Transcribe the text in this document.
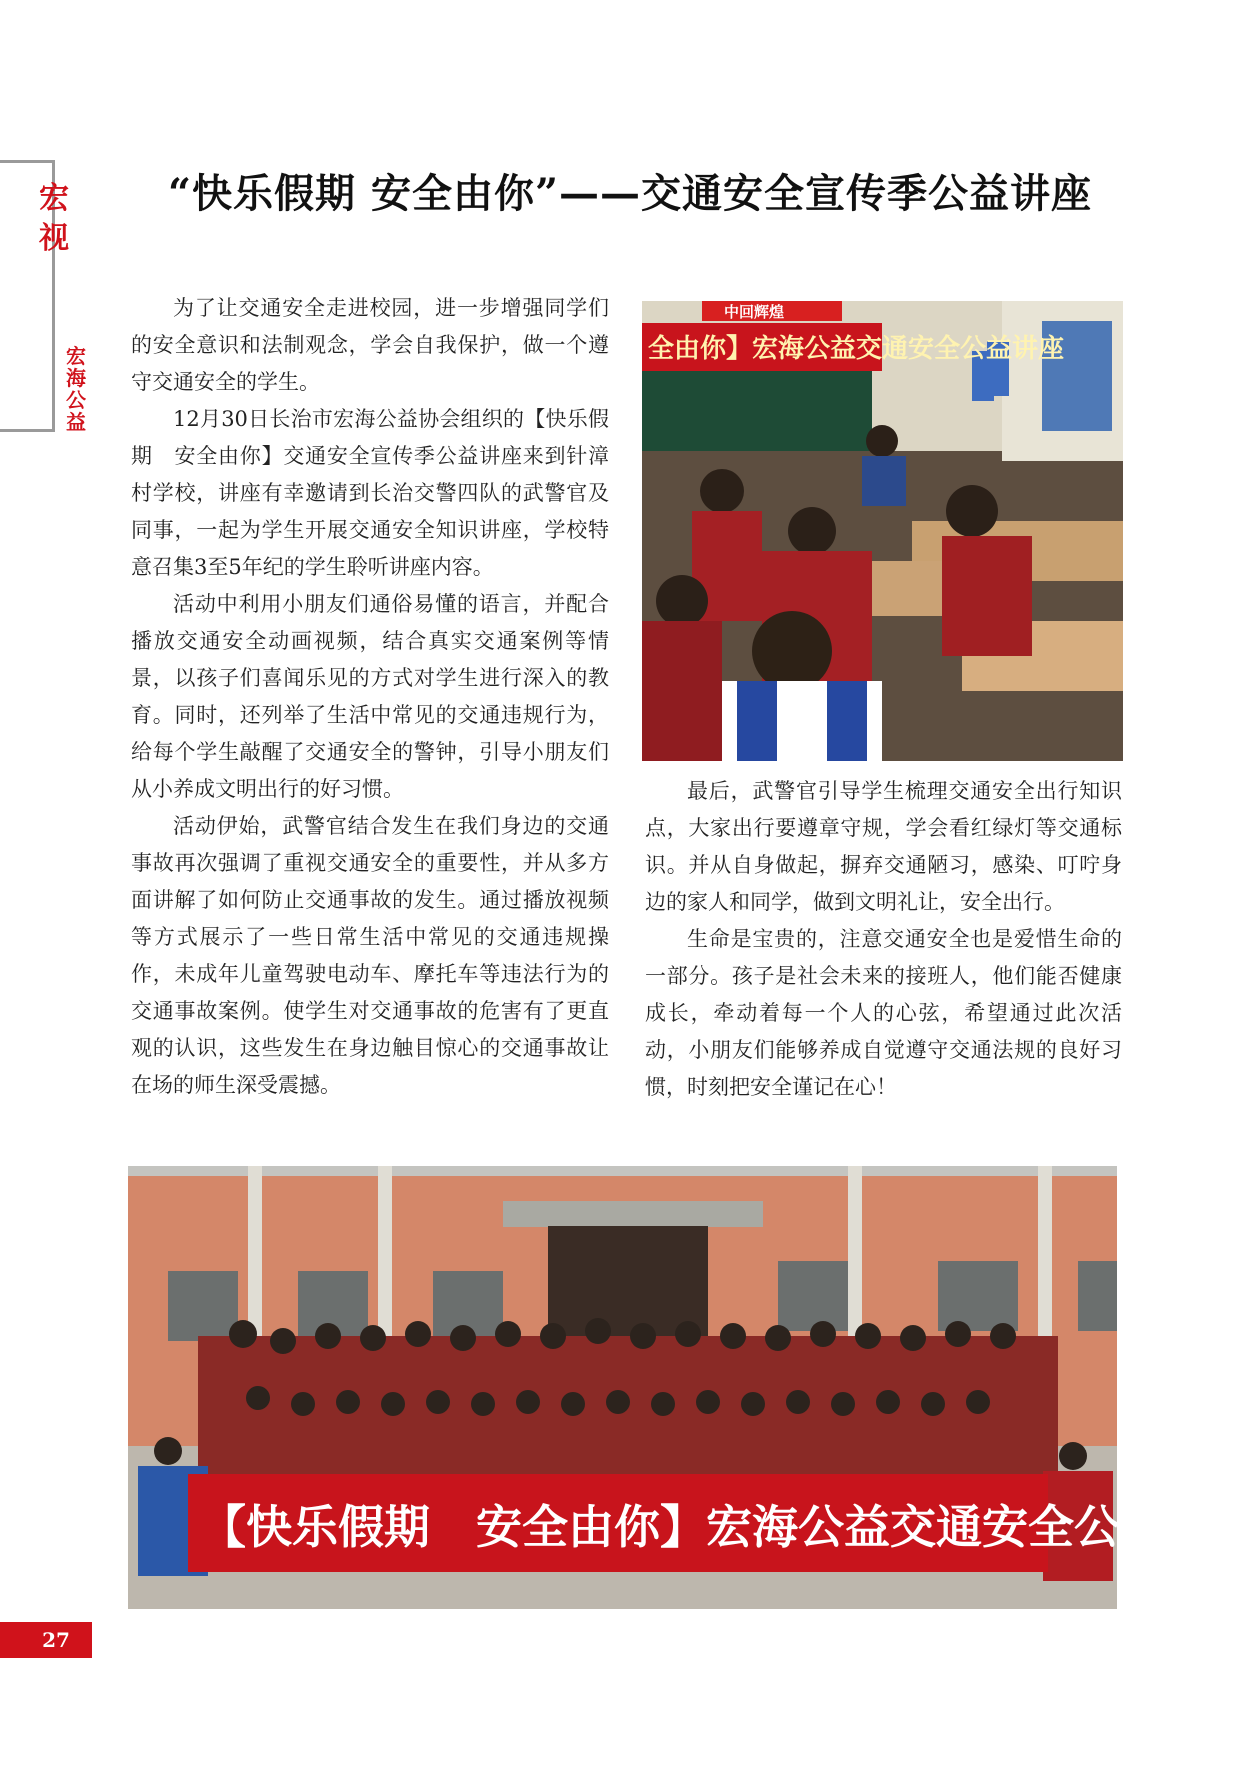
宏
视
宏海公益
“快乐假期 安全由你”——交通安全宣传季公益讲座

为了让交通安全走进校园，进一步增强同学们的安全意识和法制观念，学会自我保护，做一个遵守交通安全的学生。

12月30日长治市宏海公益协会组织的【快乐假期　安全由你】交通安全宣传季公益讲座来到针漳村学校，讲座有幸邀请到长治交警四队的武警官及同事，一起为学生开展交通安全知识讲座，学校特意召集3至5年纪的学生聆听讲座内容。

活动中利用小朋友们通俗易懂的语言，并配合播放交通安全动画视频，结合真实交通案例等情景，以孩子们喜闻乐见的方式对学生进行深入的教育。同时，还列举了生活中常见的交通违规行为，给每个学生敲醒了交通安全的警钟，引导小朋友们从小养成文明出行的好习惯。

活动伊始，武警官结合发生在我们身边的交通事故再次强调了重视交通安全的重要性，并从多方面讲解了如何防止交通事故的发生。通过播放视频等方式展示了一些日常生活中常见的交通违规操作，未成年儿童驾驶电动车、摩托车等违法行为的交通事故案例。使学生对交通事故的危害有了更直观的认识，这些发生在身边触目惊心的交通事故让在场的师生深受震撼。

全由你】宏海公益交通安全公益讲座
中回辉煌

最后，武警官引导学生梳理交通安全出行知识点，大家出行要遵章守规，学会看红绿灯等交通标识。并从自身做起，摒弃交通陋习，感染、叮咛身边的家人和同学，做到文明礼让，安全出行。

生命是宝贵的，注意交通安全也是爱惜生命的一部分。孩子是社会未来的接班人，他们能否健康成长，牵动着每一个人的心弦，希望通过此次活动，小朋友们能够养成自觉遵守交通法规的良好习惯，时刻把安全谨记在心！

【快乐假期　安全由你】宏海公益交通安全公益讲座
27
